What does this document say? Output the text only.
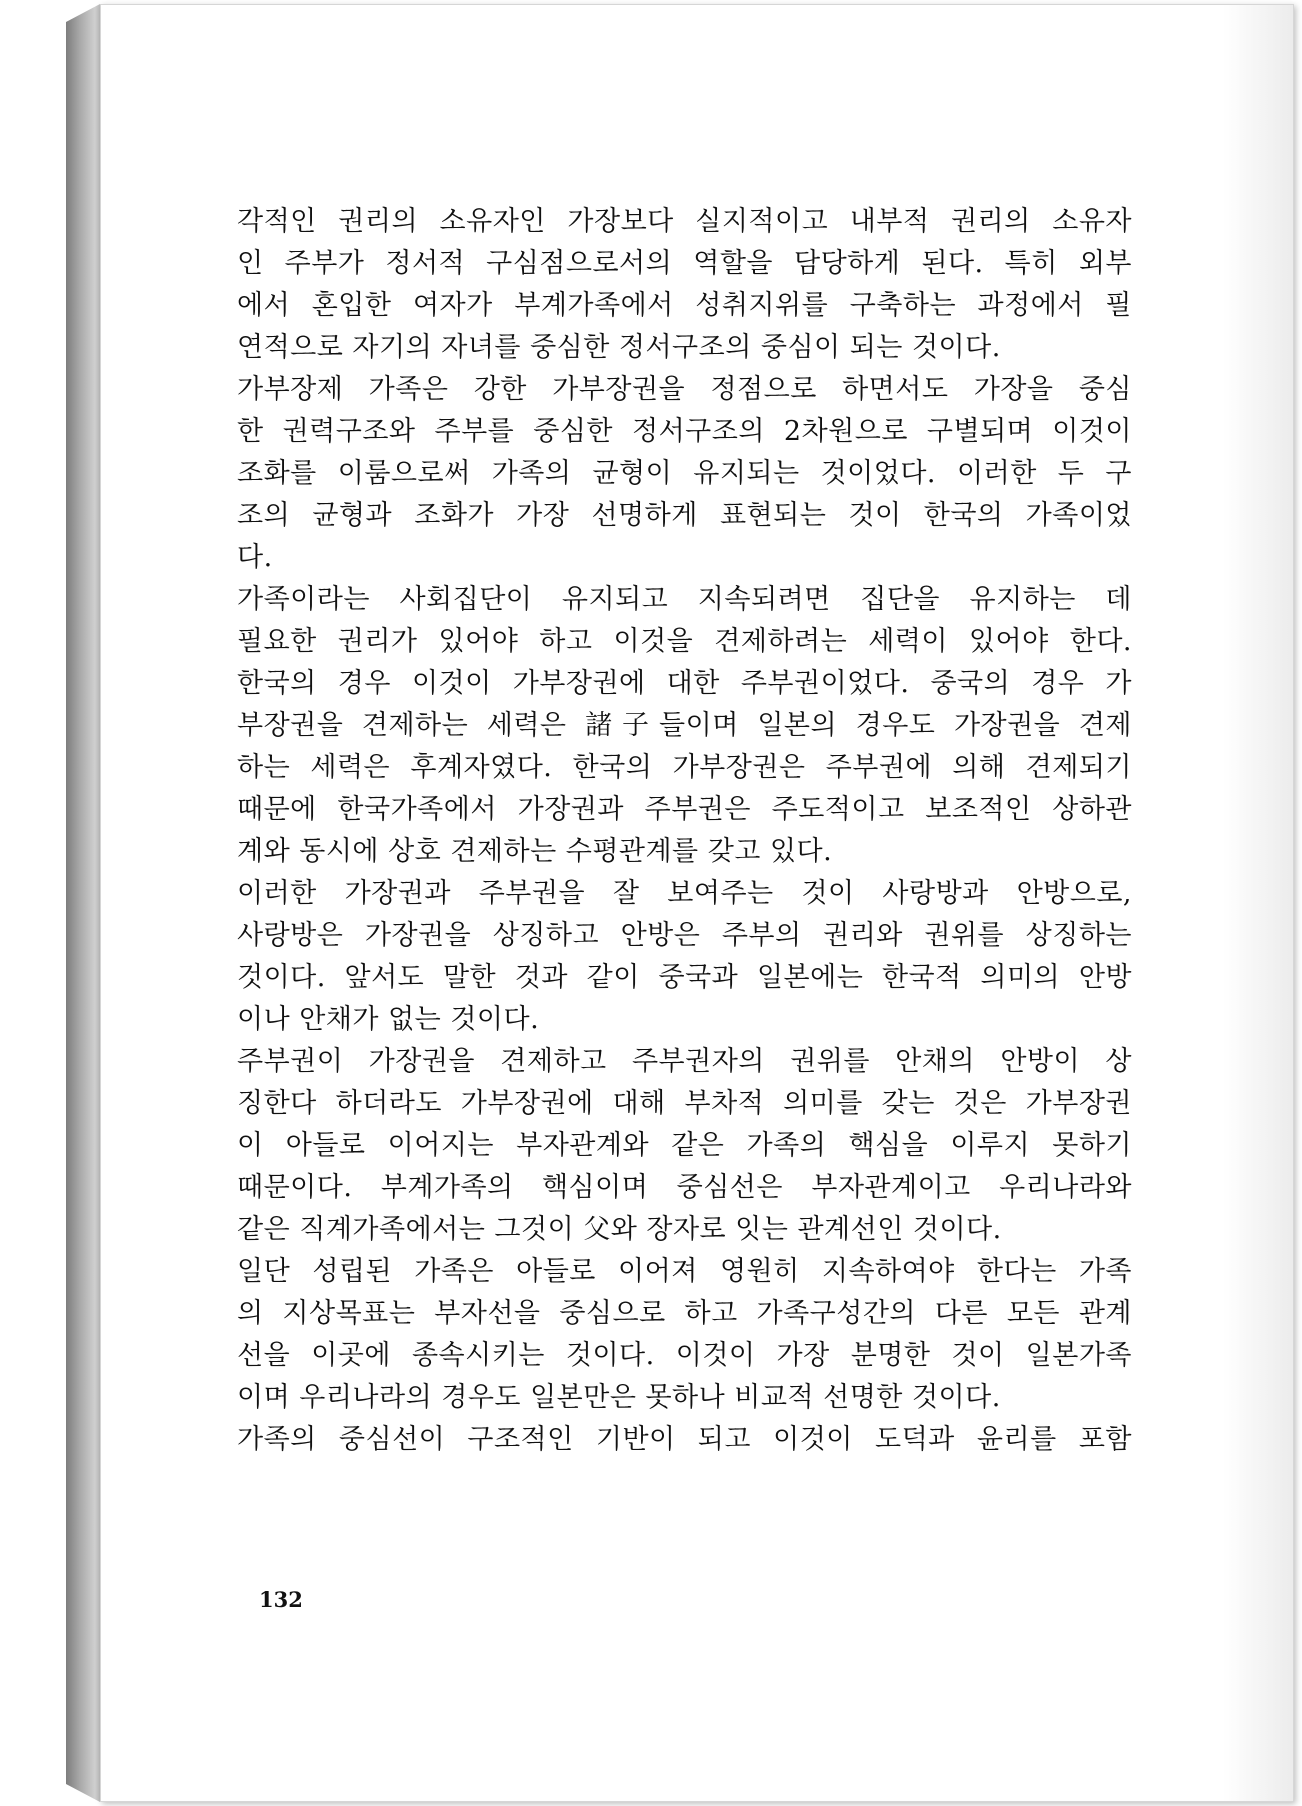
각적인 권리의 소유자인 가장보다 실지적이고 내부적 권리의 소유자
인 주부가 정서적 구심점으로서의 역할을 담당하게 된다. 특히 외부
에서 혼입한 여자가 부계가족에서 성취지위를 구축하는 과정에서 필
연적으로 자기의 자녀를 중심한 정서구조의 중심이 되는 것이다.
가부장제 가족은 강한 가부장권을 정점으로 하면서도 가장을 중심
한 권력구조와 주부를 중심한 정서구조의 2차원으로 구별되며 이것이
조화를 이룸으로써 가족의 균형이 유지되는 것이었다. 이러한 두 구
조의 균형과 조화가 가장 선명하게 표현되는 것이 한국의 가족이었
다.
가족이라는 사회집단이 유지되고 지속되려면 집단을 유지하는 데
필요한 권리가 있어야 하고 이것을 견제하려는 세력이 있어야 한다.
한국의 경우 이것이 가부장권에 대한 주부권이었다. 중국의 경우 가
부장권을 견제하는 세력은 諸子들이며 일본의 경우도 가장권을 견제
하는 세력은 후계자였다. 한국의 가부장권은 주부권에 의해 견제되기
때문에 한국가족에서 가장권과 주부권은 주도적이고 보조적인 상하관
계와 동시에 상호 견제하는 수평관계를 갖고 있다.
이러한 가장권과 주부권을 잘 보여주는 것이 사랑방과 안방으로,
사랑방은 가장권을 상징하고 안방은 주부의 권리와 권위를 상징하는
것이다. 앞서도 말한 것과 같이 중국과 일본에는 한국적 의미의 안방
이나 안채가 없는 것이다.
주부권이 가장권을 견제하고 주부권자의 권위를 안채의 안방이 상
징한다 하더라도 가부장권에 대해 부차적 의미를 갖는 것은 가부장권
이 아들로 이어지는 부자관계와 같은 가족의 핵심을 이루지 못하기
때문이다. 부계가족의 핵심이며 중심선은 부자관계이고 우리나라와
같은 직계가족에서는 그것이 父와 장자로 잇는 관계선인 것이다.
일단 성립된 가족은 아들로 이어져 영원히 지속하여야 한다는 가족
의 지상목표는 부자선을 중심으로 하고 가족구성간의 다른 모든 관계
선을 이곳에 종속시키는 것이다. 이것이 가장 분명한 것이 일본가족
이며 우리나라의 경우도 일본만은 못하나 비교적 선명한 것이다.
가족의 중심선이 구조적인 기반이 되고 이것이 도덕과 윤리를 포함
132
